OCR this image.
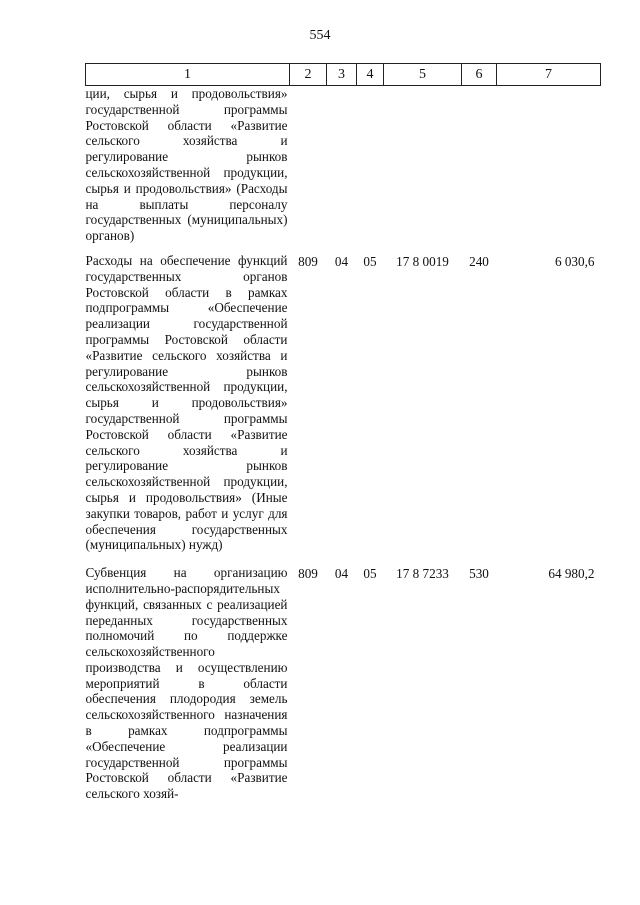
554
1	2	3	4	5	6	7
ции, сырья и продовольствия» государственной программы Ростовской области «Развитие сельского хозяйства и регулирование рынков сельскохозяйственной продукции, сырья и продовольствия» (Расходы на выплаты персоналу государственных (муниципальных) органов)						
Расходы на обеспечение функций государственных органов Ростовской области в рамках подпрограммы «Обеспечение реализации государственной программы Ростовской области «Развитие сельского хозяйства и регулирование рынков сельскохозяйственной продукции, сырья и продовольствия» государственной программы Ростовской области «Развитие сельского хозяйства и регулирование рынков сельскохозяйственной продукции, сырья и продовольствия» (Иные закупки товаров, работ и услуг для обеспечения государственных (муниципальных) нужд)	809	04	05	17 8 0019	240	6 030,6
Субвенция на организацию исполнительно-распорядительных функций, связанных с реализацией переданных государственных полномочий по поддержке сельскохозяйственного производства и осуществлению мероприятий в области обеспечения плодородия земель сельскохозяйственного назначения в рамках подпрограммы «Обеспечение реализации государственной программы Ростовской области «Развитие сельского хозяй-	809	04	05	17 8 7233	530	64 980,2
